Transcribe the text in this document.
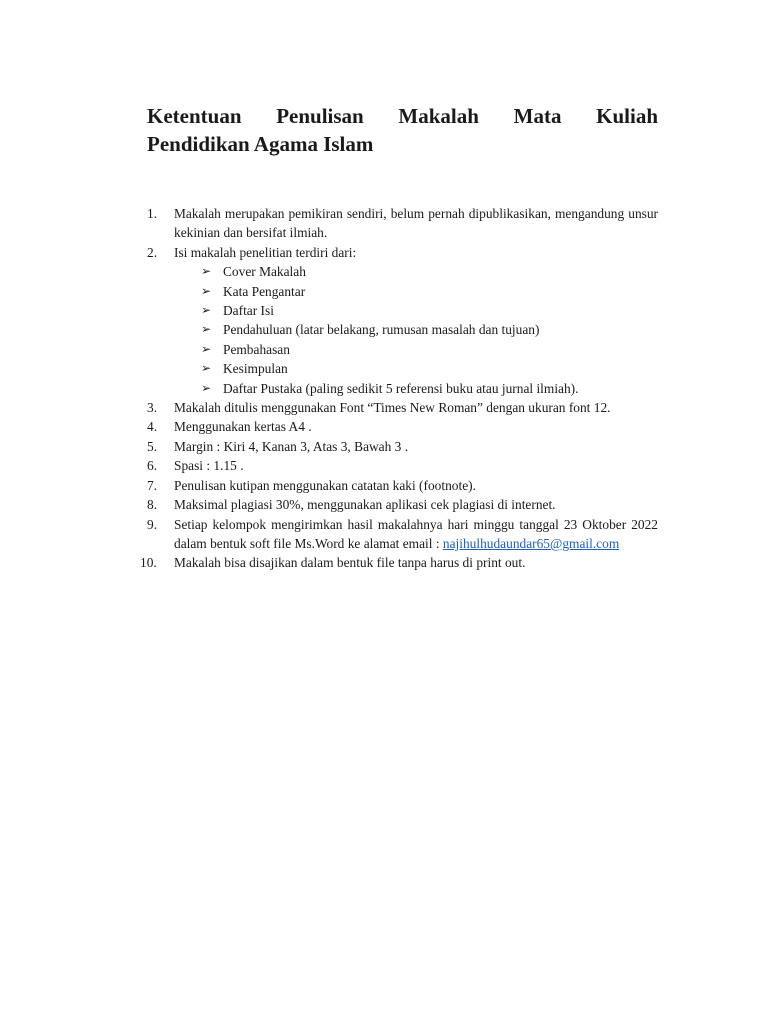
Ketentuan Penulisan Makalah Mata Kuliah
Pendidikan Agama Islam
1.	Makalah merupakan pemikiran sendiri, belum pernah dipublikasikan, mengandung unsur kekinian dan bersifat ilmiah.
2.	Isi makalah penelitian terdiri dari:
➢ Cover Makalah
➢ Kata Pengantar
➢ Daftar Isi
➢ Pendahuluan (latar belakang, rumusan masalah dan tujuan)
➢ Pembahasan
➢ Kesimpulan
➢ Daftar Pustaka (paling sedikit 5 referensi buku atau jurnal ilmiah).
3.	Makalah ditulis menggunakan Font “Times New Roman” dengan ukuran font 12.
4.	Menggunakan kertas A4 .
5.	Margin : Kiri 4, Kanan 3, Atas 3, Bawah 3 .
6.	Spasi : 1.15 .
7.	Penulisan kutipan menggunakan catatan kaki (footnote).
8.	Maksimal plagiasi 30%, menggunakan aplikasi cek plagiasi di internet.
9.	Setiap kelompok mengirimkan hasil makalahnya hari minggu tanggal 23 Oktober 2022 dalam bentuk soft file Ms.Word ke alamat email : najihulhudaundar65@gmail.com
10.	Makalah bisa disajikan dalam bentuk file tanpa harus di print out.
